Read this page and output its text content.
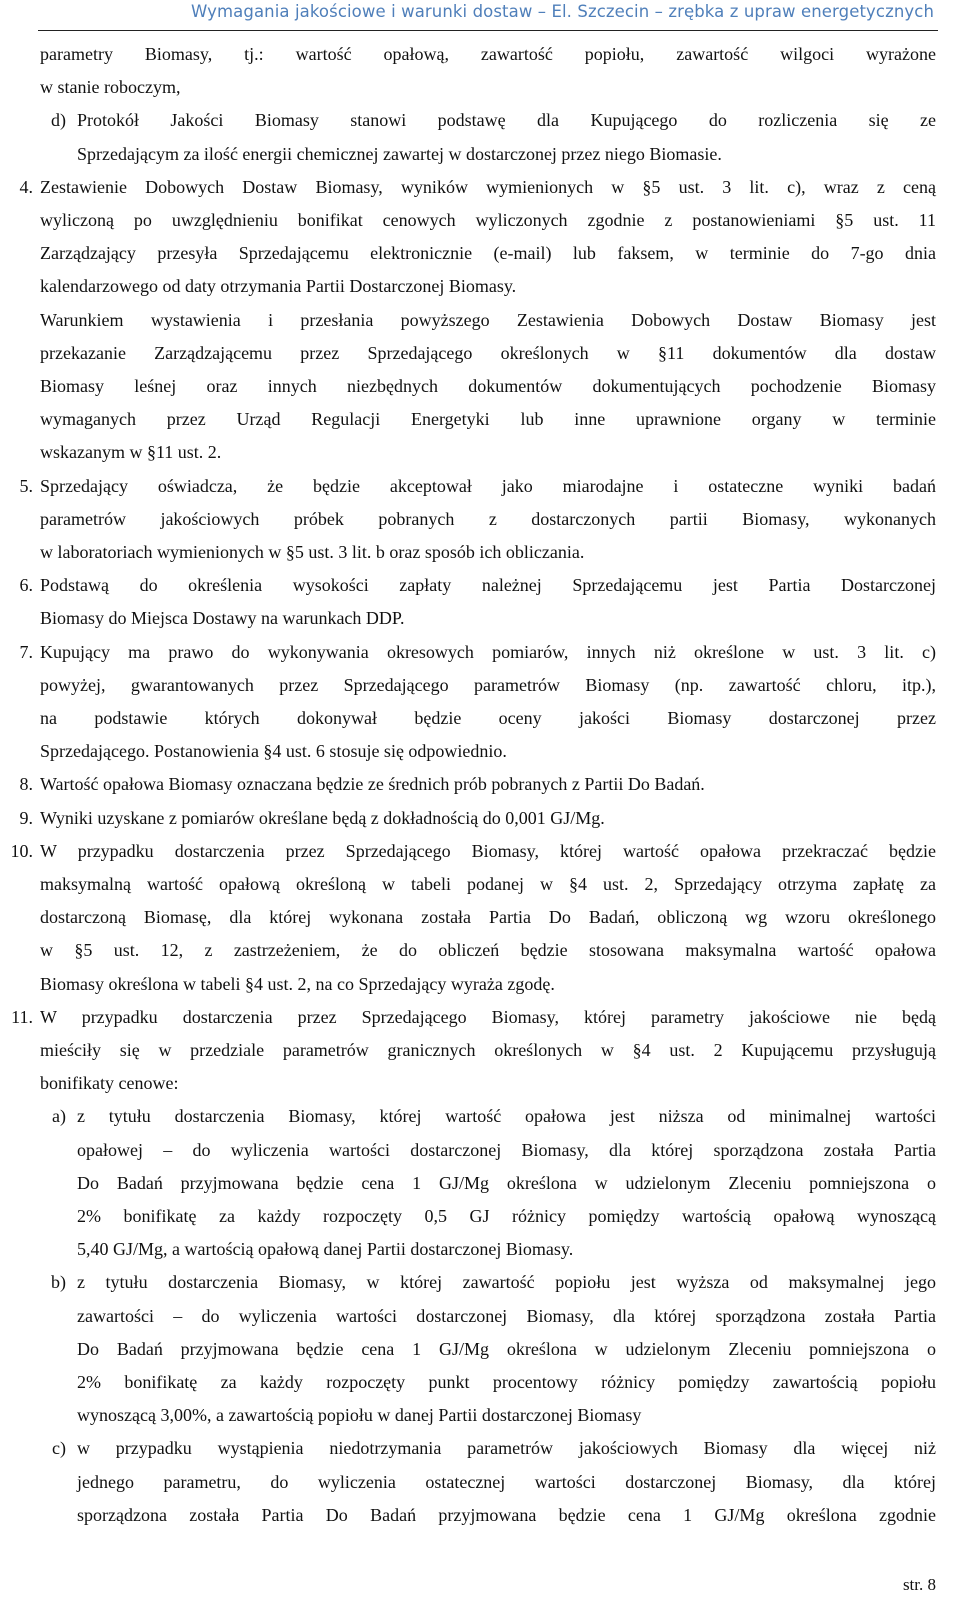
Wymagania jakościowe i warunki dostaw – El. Szczecin – zrębka z upraw energetycznych
parametry Biomasy, tj.: wartość opałową, zawartość popiołu, zawartość wilgoci wyrażone
w stanie roboczym,
d) Protokół Jakości Biomasy stanowi podstawę dla Kupującego do rozliczenia się ze
Sprzedającym za ilość energii chemicznej zawartej w dostarczonej przez niego Biomasie.
4. Zestawienie Dobowych Dostaw Biomasy, wyników wymienionych w §5 ust. 3 lit. c), wraz z ceną
wyliczoną po uwzględnieniu bonifikat cenowych wyliczonych zgodnie z postanowieniami §5 ust. 11
Zarządzający przesyła Sprzedającemu elektronicznie (e-mail) lub faksem, w terminie do 7-go dnia
kalendarzowego od daty otrzymania Partii Dostarczonej Biomasy.
Warunkiem wystawienia i przesłania powyższego Zestawienia Dobowych Dostaw Biomasy jest
przekazanie Zarządzającemu przez Sprzedającego określonych w §11 dokumentów dla dostaw
Biomasy leśnej oraz innych niezbędnych dokumentów dokumentujących pochodzenie Biomasy
wymaganych przez Urząd Regulacji Energetyki lub inne uprawnione organy w terminie
wskazanym w §11 ust. 2.
5. Sprzedający oświadcza, że będzie akceptował jako miarodajne i ostateczne wyniki badań
parametrów jakościowych próbek pobranych z dostarczonych partii Biomasy, wykonanych
w laboratoriach wymienionych w §5 ust. 3 lit. b oraz sposób ich obliczania.
6. Podstawą do określenia wysokości zapłaty należnej Sprzedającemu jest Partia Dostarczonej
Biomasy do Miejsca Dostawy na warunkach DDP.
7. Kupujący ma prawo do wykonywania okresowych pomiarów, innych niż określone w ust. 3 lit. c)
powyżej, gwarantowanych przez Sprzedającego parametrów Biomasy (np. zawartość chloru, itp.),
na podstawie których dokonywał będzie oceny jakości Biomasy dostarczonej przez
Sprzedającego. Postanowienia §4 ust. 6 stosuje się odpowiednio.
8. Wartość opałowa Biomasy oznaczana będzie ze średnich prób pobranych z Partii Do Badań.
9. Wyniki uzyskane z pomiarów określane będą z dokładnością do 0,001 GJ/Mg.
10. W przypadku dostarczenia przez Sprzedającego Biomasy, której wartość opałowa przekraczać będzie
maksymalną wartość opałową określoną w tabeli podanej w §4 ust. 2, Sprzedający otrzyma zapłatę za
dostarczoną Biomasę, dla której wykonana została Partia Do Badań, obliczoną wg wzoru określonego
w §5 ust. 12, z zastrzeżeniem, że do obliczeń będzie stosowana maksymalna wartość opałowa
Biomasy określona w tabeli §4 ust. 2, na co Sprzedający wyraża zgodę.
11. W przypadku dostarczenia przez Sprzedającego Biomasy, której parametry jakościowe nie będą
mieściły się w przedziale parametrów granicznych określonych w §4 ust. 2 Kupującemu przysługują
bonifikaty cenowe:
a) z tytułu dostarczenia Biomasy, której wartość opałowa jest niższa od minimalnej wartości
opałowej – do wyliczenia wartości dostarczonej Biomasy, dla której sporządzona została Partia
Do Badań przyjmowana będzie cena 1 GJ/Mg określona w udzielonym Zleceniu pomniejszona o
2% bonifikatę za każdy rozpoczęty 0,5 GJ różnicy pomiędzy wartością opałową wynoszącą
5,40 GJ/Mg, a wartością opałową danej Partii dostarczonej Biomasy.
b) z tytułu dostarczenia Biomasy, w której zawartość popiołu jest wyższa od maksymalnej jego
zawartości – do wyliczenia wartości dostarczonej Biomasy, dla której sporządzona została Partia
Do Badań przyjmowana będzie cena 1 GJ/Mg określona w udzielonym Zleceniu pomniejszona o
2% bonifikatę za każdy rozpoczęty punkt procentowy różnicy pomiędzy zawartością popiołu
wynoszącą 3,00%, a zawartością popiołu w danej Partii dostarczonej Biomasy
c) w przypadku wystąpienia niedotrzymania parametrów jakościowych Biomasy dla więcej niż
jednego parametru, do wyliczenia ostatecznej wartości dostarczonej Biomasy, dla której
sporządzona została Partia Do Badań przyjmowana będzie cena 1 GJ/Mg określona zgodnie
str. 8
